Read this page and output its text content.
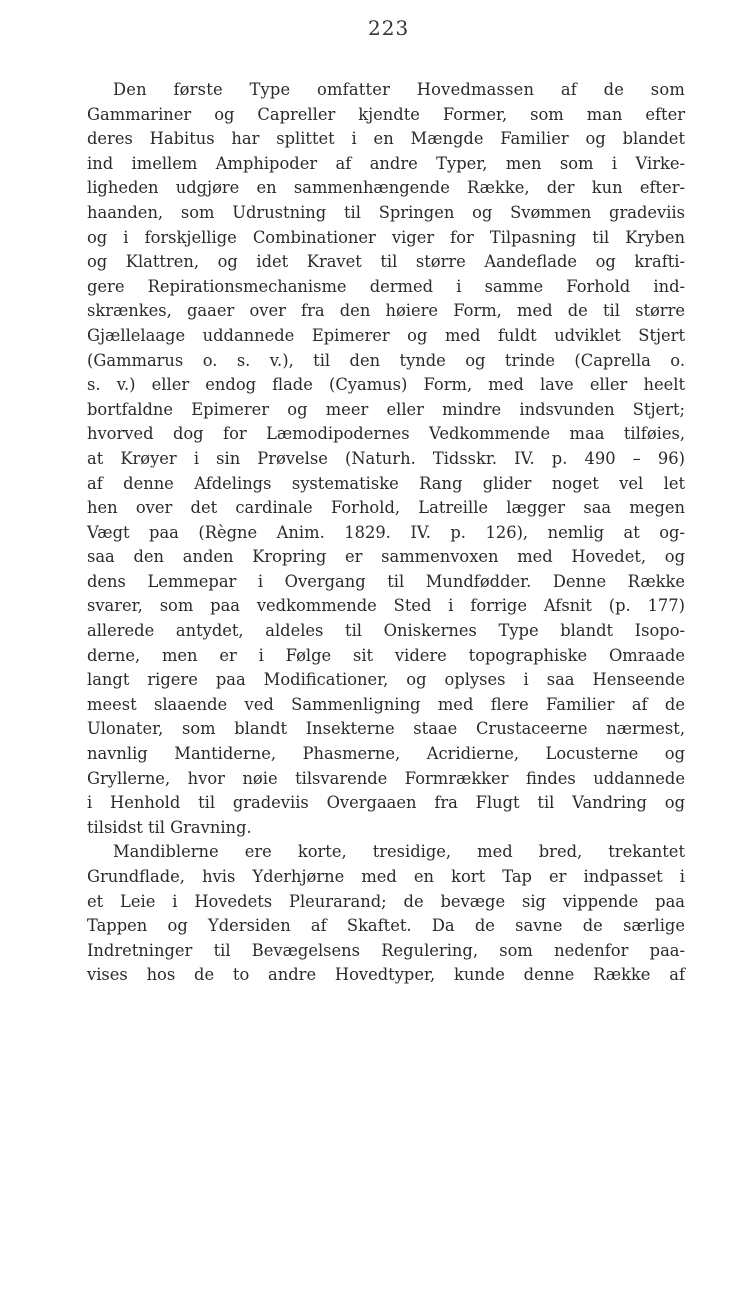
223
Den første Type omfatter Hovedmassen af de som
Gammariner og Capreller kjendte Former, som man efter
deres Habitus har splittet i en Mængde Familier og blandet
ind imellem Amphipoder af andre Typer, men som i Virke-
ligheden udgjøre en sammenhængende Række, der kun efter-
haanden, som Udrustning til Springen og Svømmen gradeviis
og i forskjellige Combinationer viger for Tilpasning til Kryben
og Klattren, og idet Kravet til større Aandeflade og krafti-
gere Repirationsmechanisme dermed i samme Forhold ind-
skrænkes, gaaer over fra den høiere Form, med de til større
Gjællelaage uddannede Epimerer og med fuldt udviklet Stjert
(Gammarus o. s. v.), til den tynde og trinde (Caprella o.
s. v.) eller endog flade (Cyamus) Form, med lave eller heelt
bortfaldne Epimerer og meer eller mindre indsvunden Stjert;
hvorved dog for Læmodipodernes Vedkommende maa tilføies,
at Krøyer i sin Prøvelse (Naturh. Tidsskr. IV. p. 490 – 96)
af denne Afdelings systematiske Rang glider noget vel let
hen over det cardinale Forhold, Latreille lægger saa megen
Vægt paa (Règne Anim. 1829. IV. p. 126), nemlig at og-
saa den anden Kropring er sammenvoxen med Hovedet, og
dens Lemmepar i Overgang til Mundfødder. Denne Række
svarer, som paa vedkommende Sted i forrige Afsnit (p. 177)
allerede antydet, aldeles til Oniskernes Type blandt Isopo-
derne, men er i Følge sit videre topographiske Omraade
langt rigere paa Modificationer, og oplyses i saa Henseende
meest slaaende ved Sammenligning med flere Familier af de
Ulonater, som blandt Insekterne staae Crustaceerne nærmest,
navnlig Mantiderne, Phasmerne, Acridierne, Locusterne og
Gryllerne, hvor nøie tilsvarende Formrækker findes uddannede
i Henhold til gradeviis Overgaaen fra Flugt til Vandring og
tilsidst til Gravning.
Mandiblerne ere korte, tresidige, med bred, trekantet
Grundflade, hvis Yderhjørne med en kort Tap er indpasset i
et Leie i Hovedets Pleurarand; de bevæge sig vippende paa
Tappen og Ydersiden af Skaftet. Da de savne de særlige
Indretninger til Bevægelsens Regulering, som nedenfor paa-
vises hos de to andre Hovedtyper, kunde denne Række af
